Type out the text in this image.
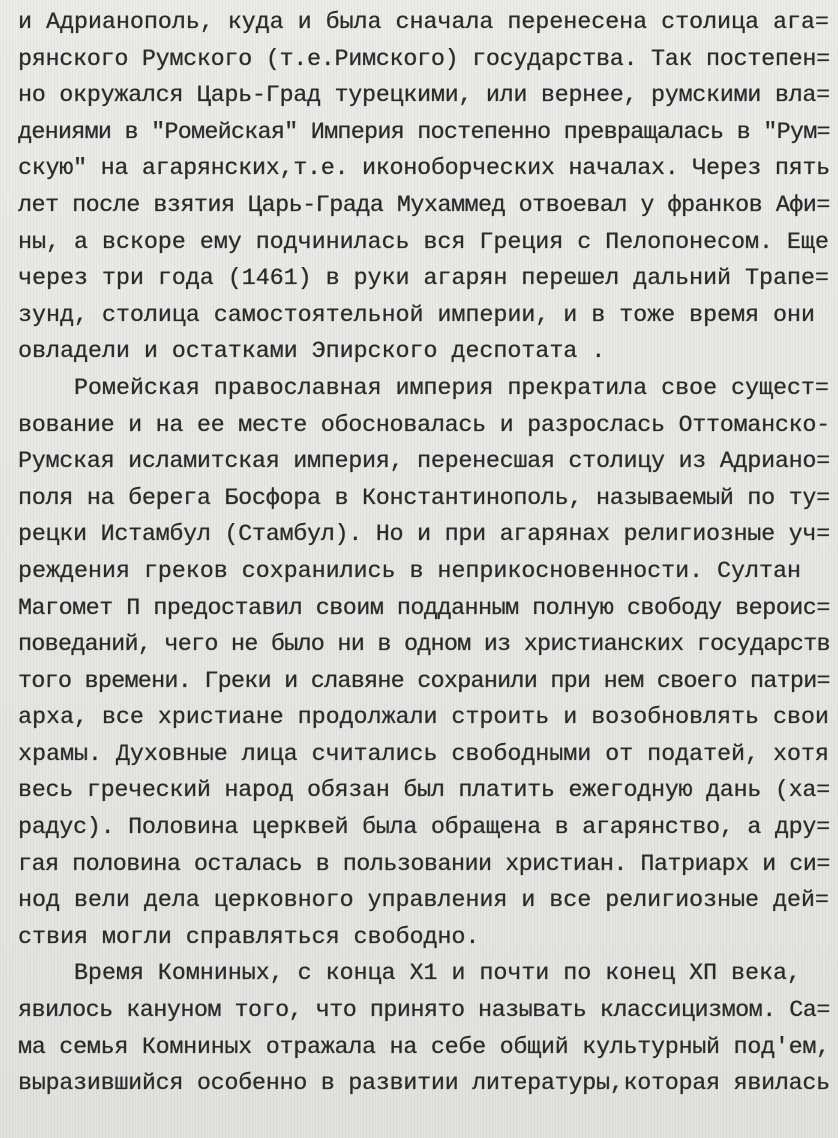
и Адрианополь, куда и была сначала перенесена столица ага=
рянского Румского (т.е.Римского) государства. Так постепен=
но окружался Царь-Град турецкими, или вернее, румскими вла=
дениями в "Ромейская" Империя постепенно превращалась в "Рум=
скую" на агарянских,т.е. иконоборческих началах. Через пять
лет после взятия Царь-Града Мухаммед отвоевал у франков Афи=
ны, а вскоре ему подчинилась вся Греция с Пелопонесом. Еще
через три года (1461) в руки агарян перешел дальний Трапе=
зунд, столица самостоятельной империи, и в тоже время они
овладели и остатками Эпирского деспотата .
Ромейская православная империя прекратила свое сущест=
вование и на ее месте обосновалась и разрослась Оттоманско-
Румская исламитская империя, перенесшая столицу из Адриано=
поля на берега Босфора в Константинополь, называемый по ту=
рецки Истамбул (Стамбул). Но и при агарянах религиозные уч=
реждения греков сохранились в неприкосновенности. Султан
Магомет П предоставил своим подданным полную свободу вероис=
поведаний, чего не было ни в одном из христианских государств
того времени. Греки и славяне сохранили при нем своего патри=
арха, все христиане продолжали строить и возобновлять свои
храмы. Духовные лица считались свободными от податей, хотя
весь греческий народ обязан был платить ежегодную дань (ха=
радус). Половина церквей была обращена в агарянство, а дру=
гая половина осталась в пользовании христиан. Патриарх и си=
нод вели дела церковного управления и все религиозные дей=
ствия могли справляться свободно.
Время Комниных, с конца Х1 и почти по конец ХП века,
явилось кануном того, что принято называть классицизмом. Са=
ма семья Комниных отражала на себе общий культурный под'ем,
выразившийся особенно в развитии литературы,которая явилась
